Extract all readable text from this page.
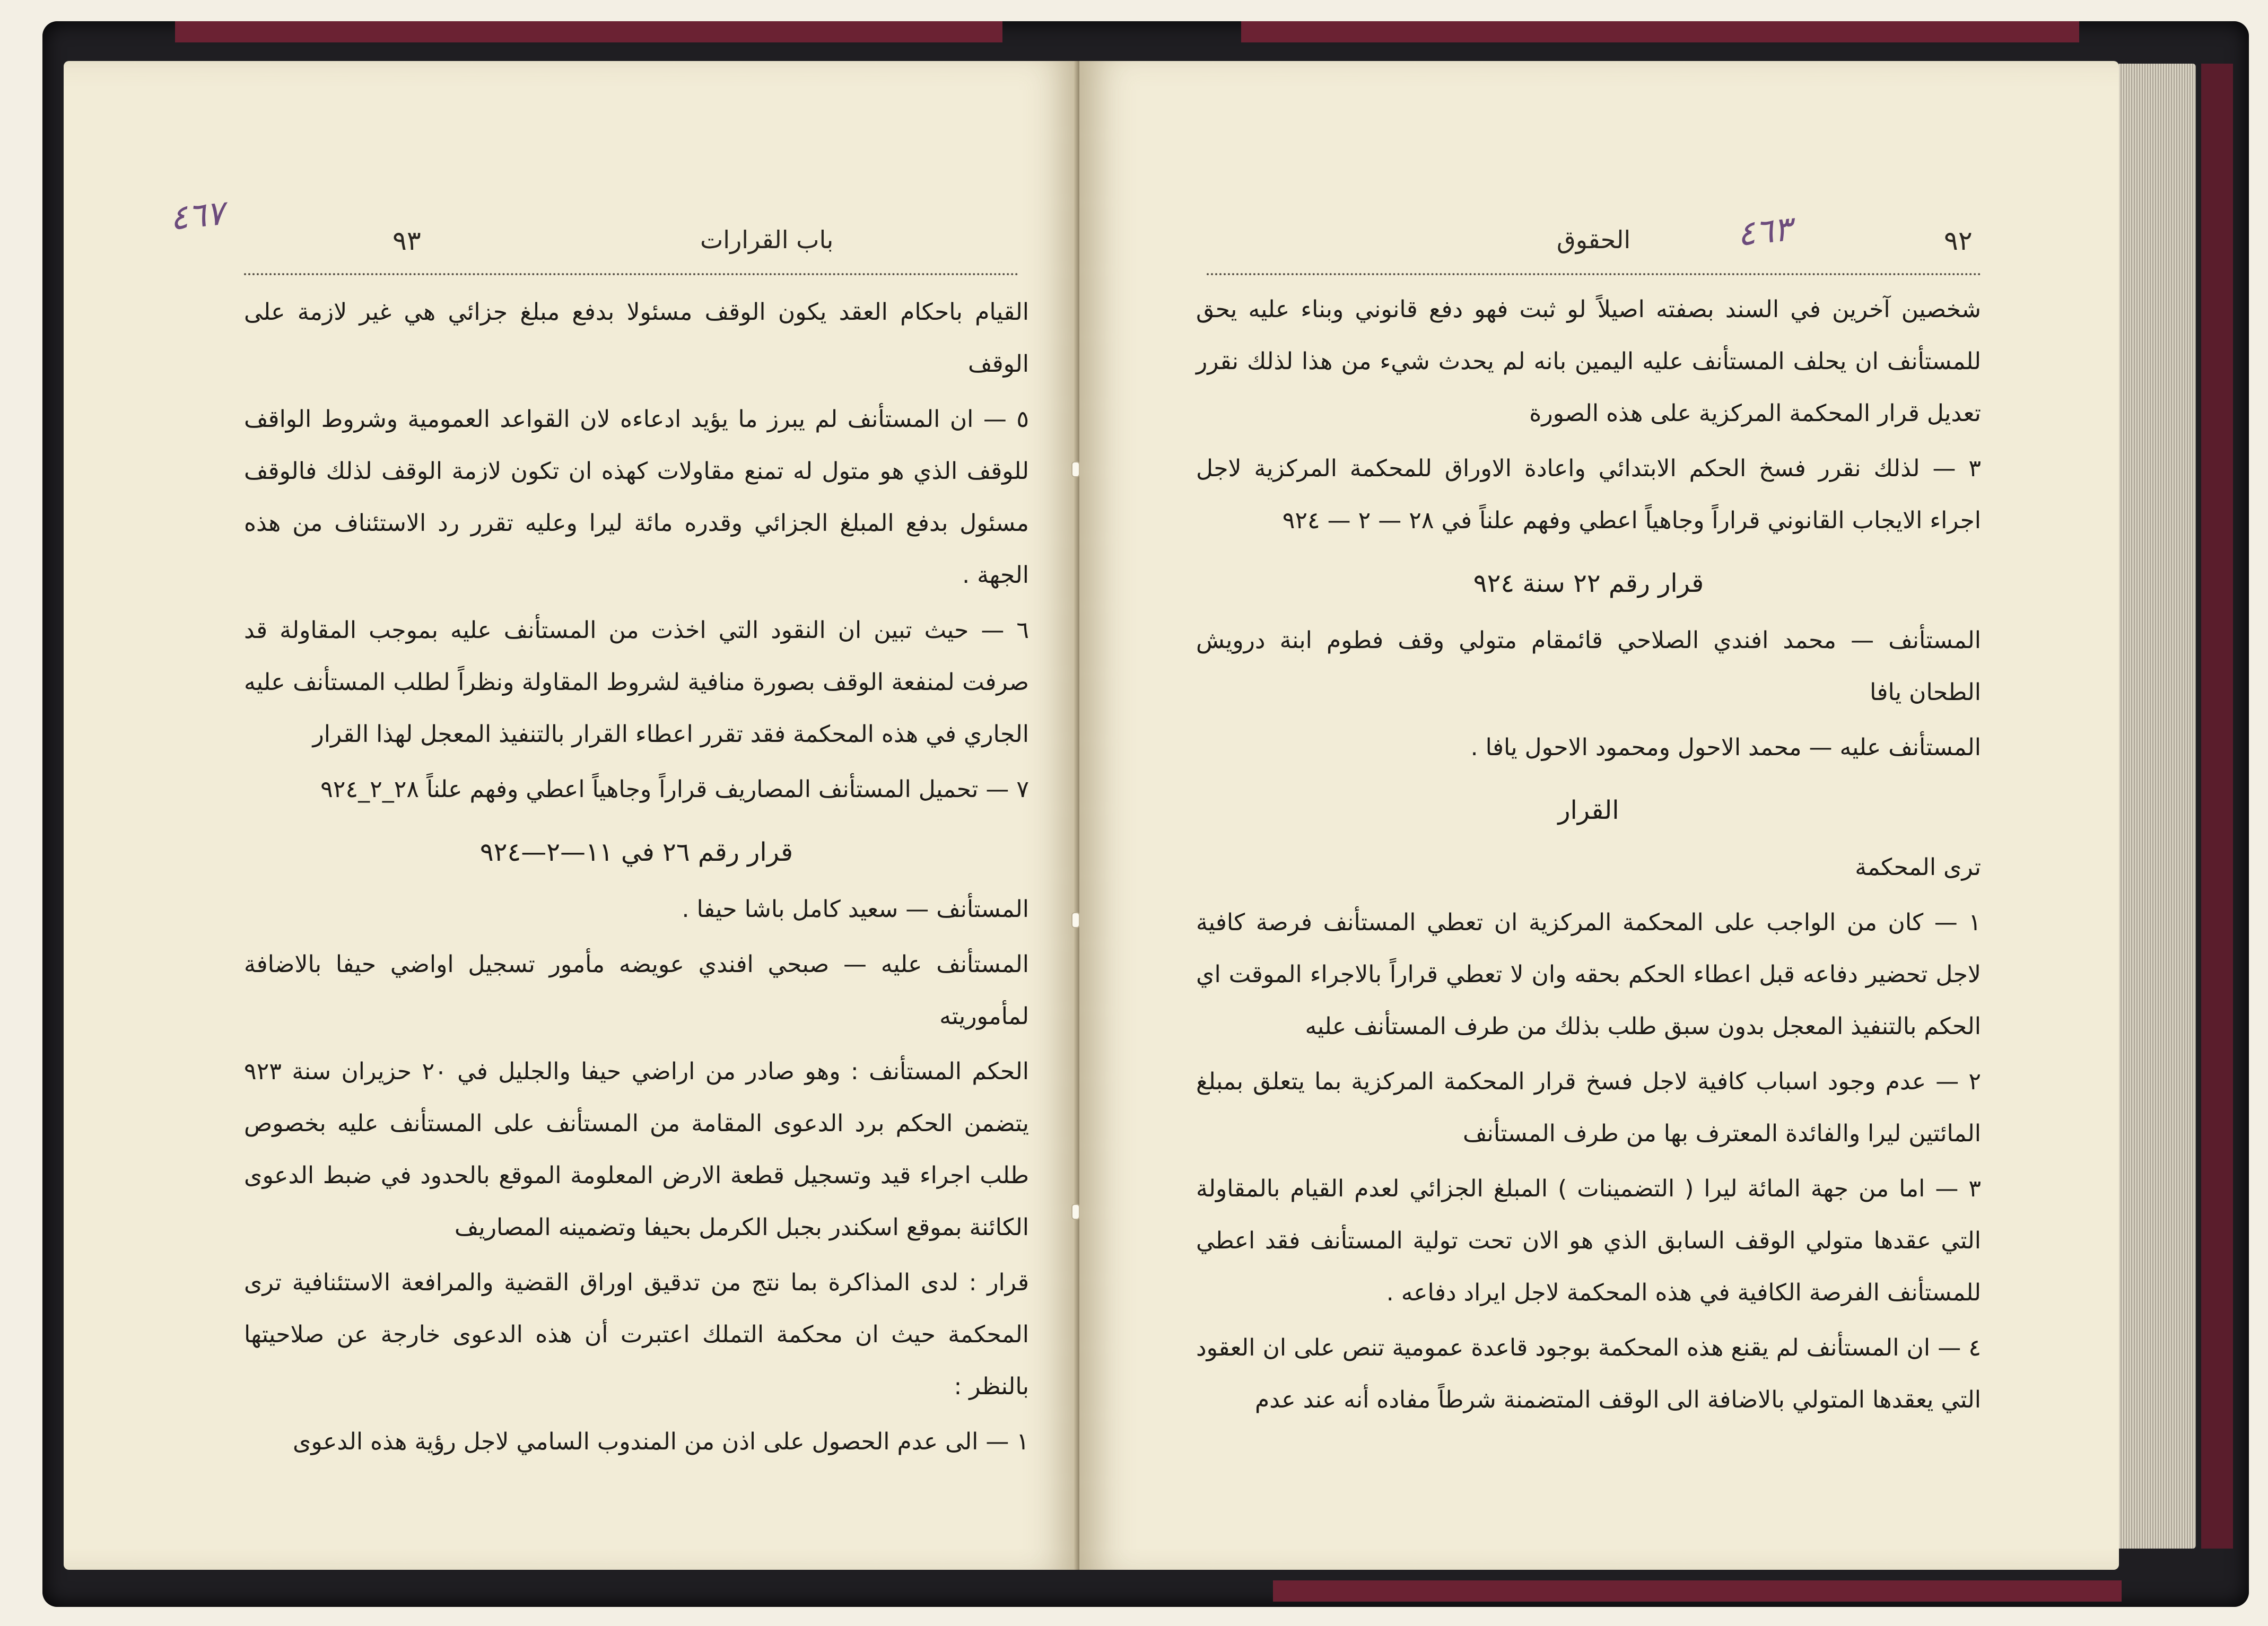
٩٣	باب القرارات
٤٦٧

القيام باحكام العقد يكون الوقف مسئولا بدفع مبلغ جزائي هي غير لازمة على الوقف

٥ — ان المستأنف لم يبرز ما يؤيد ادعاءه لان القواعد العمومية وشروط الواقف للوقف الذي هو متول له تمنع مقاولات كهذه ان تكون لازمة الوقف لذلك فالوقف مسئول بدفع المبلغ الجزائي وقدره مائة ليرا وعليه تقرر رد الاستئناف من هذه الجهة .

٦ — حيث تبين ان النقود التي اخذت من المستأنف عليه بموجب المقاولة قد صرفت لمنفعة الوقف بصورة منافية لشروط المقاولة ونظراً لطلب المستأنف عليه الجاري في هذه المحكمة فقد تقرر اعطاء القرار بالتنفيذ المعجل لهذا القرار

٧ — تحميل المستأنف المصاريف قراراً وجاهياً اعطي وفهم علناً ٢٨_٢_٩٢٤

قرار رقم ٢٦ في ١١—٢—٩٢٤

المستأنف — سعيد كامل باشا حيفا .

المستأنف عليه — صبحي افندي عويضه مأمور تسجيل اواضي حيفا بالاضافة لمأموريته

الحكم المستأنف : وهو صادر من اراضي حيفا والجليل في ٢٠ حزيران سنة ٩٢٣ يتضمن الحكم برد الدعوى المقامة من المستأنف على المستأنف عليه بخصوص طلب اجراء قيد وتسجيل قطعة الارض المعلومة الموقع بالحدود في ضبط الدعوى الكائنة بموقع اسكندر بجبل الكرمل بحيفا وتضمينه المصاريف

قرار : لدى المذاكرة بما نتج من تدقيق اوراق القضية والمرافعة الاستئنافية ترى المحكمة حيث ان محكمة التملك اعتبرت أن هذه الدعوى خارجة عن صلاحيتها بالنظر :

١ — الى عدم الحصول على اذن من المندوب السامي لاجل رؤية هذه الدعوى

الحقوق	٩٢
٤٦٣

شخصين آخرين في السند بصفته اصيلاً لو ثبت فهو دفع قانوني وبناء عليه يحق للمستأنف ان يحلف المستأنف عليه اليمين بانه لم يحدث شيء من هذا لذلك نقرر تعديل قرار المحكمة المركزية على هذه الصورة

٣ — لذلك نقرر فسخ الحكم الابتدائي واعادة الاوراق للمحكمة المركزية لاجل اجراء الايجاب القانوني قراراً وجاهياً اعطي وفهم علناً في ٢٨ — ٢ — ٩٢٤

قرار رقم ٢٢ سنة ٩٢٤

المستأنف — محمد افندي الصلاحي قائمقام متولي وقف فطوم ابنة درويش الطحان يافا

المستأنف عليه — محمد الاحول ومحمود الاحول يافا .

القرار

ترى المحكمة

١ — كان من الواجب على المحكمة المركزية ان تعطي المستأنف فرصة كافية لاجل تحضير دفاعه قبل اعطاء الحكم بحقه وان لا تعطي قراراً بالاجراء الموقت اي الحكم بالتنفيذ المعجل بدون سبق طلب بذلك من طرف المستأنف عليه

٢ — عدم وجود اسباب كافية لاجل فسخ قرار المحكمة المركزية بما يتعلق بمبلغ المائتين ليرا والفائدة المعترف بها من طرف المستأنف

٣ — اما من جهة المائة ليرا ( التضمينات ) المبلغ الجزائي لعدم القيام بالمقاولة التي عقدها متولي الوقف السابق الذي هو الان تحت تولية المستأنف فقد اعطي للمستأنف الفرصة الكافية في هذه المحكمة لاجل ايراد دفاعه .

٤ — ان المستأنف لم يقنع هذه المحكمة بوجود قاعدة عمومية تنص على ان العقود التي يعقدها المتولي بالاضافة الى الوقف المتضمنة شرطاً مفاده أنه عند عدم
